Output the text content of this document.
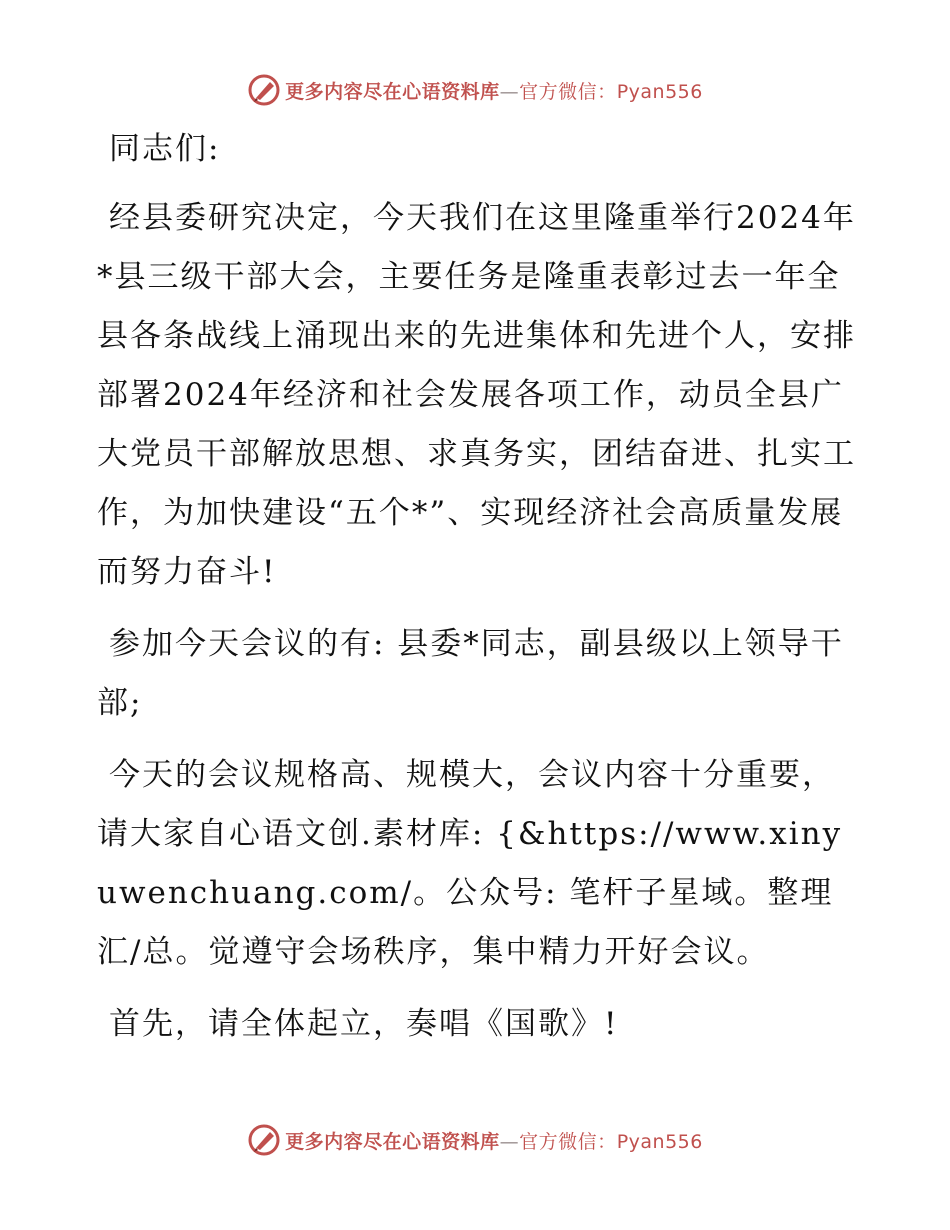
更多内容尽在心语资料库—官方微信：Pyan556

同志们:

经县委研究决定，今天我们在这里隆重举行2024年*县三级干部大会，主要任务是隆重表彰过去一年全县各条战线上涌现出来的先进集体和先进个人，安排部署2024年经济和社会发展各项工作，动员全县广大党员干部解放思想、求真务实，团结奋进、扎实工作，为加快建设“五个*”、实现经济社会高质量发展而努力奋斗!

参加今天会议的有: 县委*同志，副县级以上领导干部;

今天的会议规格高、规模大，会议内容十分重要，请大家自心语文创.素材库: {&https://www.xinyuwenchuang.com/。公众号: 笔杆子星域。整理汇/总。觉遵守会场秩序，集中精力开好会议。

首先，请全体起立，奏唱《国歌》!

更多内容尽在心语资料库—官方微信：Pyan556
